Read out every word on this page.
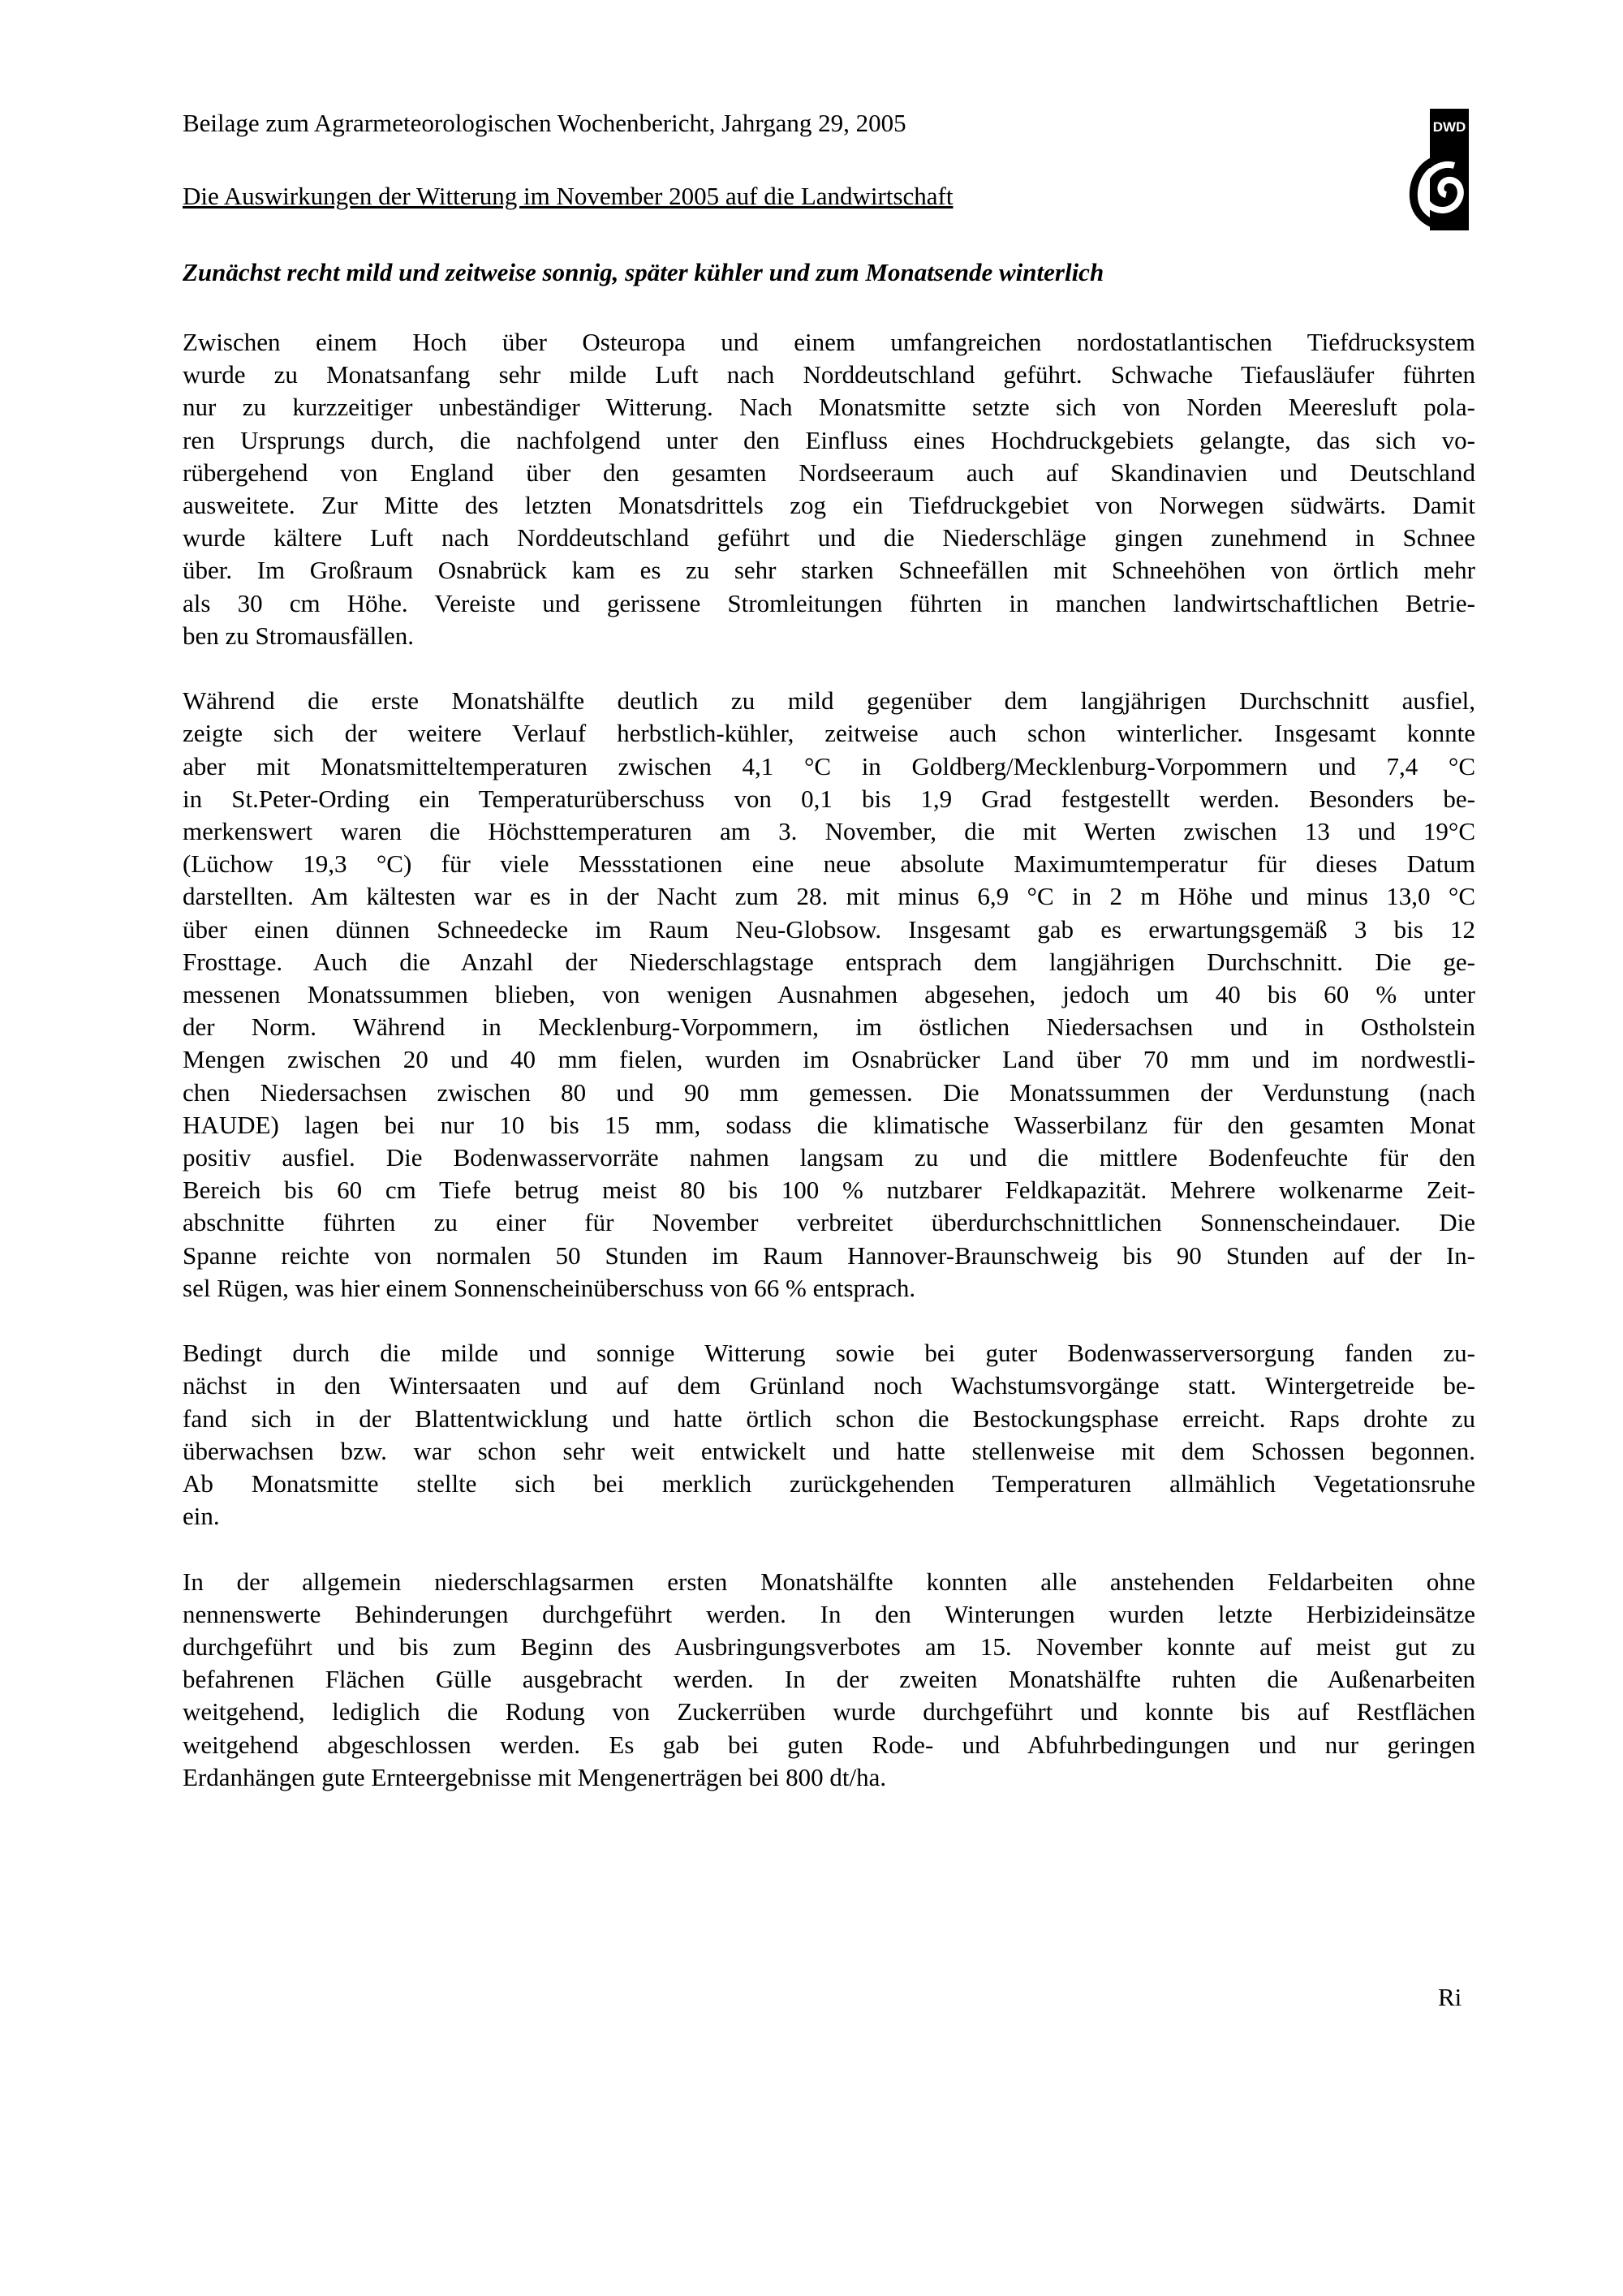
Beilage zum Agrarmeteorologischen Wochenbericht, Jahrgang 29, 2005
Die Auswirkungen der Witterung im November 2005 auf die Landwirtschaft
Zunächst recht mild und zeitweise sonnig, später kühler und zum Monatsende winterlich
DWD
Zwischen einem Hoch über Osteuropa und einem umfangreichen nordostatlantischen Tiefdrucksystem
wurde zu Monatsanfang sehr milde Luft nach Norddeutschland geführt. Schwache Tiefausläufer führten
nur zu kurzzeitiger unbeständiger Witterung. Nach Monatsmitte setzte sich von Norden Meeresluft pola-
ren Ursprungs durch, die nachfolgend unter den Einfluss eines Hochdruckgebiets gelangte, das sich vo-
rübergehend von England über den gesamten Nordseeraum auch auf Skandinavien und Deutschland
ausweitete. Zur Mitte des letzten Monatsdrittels zog ein Tiefdruckgebiet von Norwegen südwärts. Damit
wurde kältere Luft nach Norddeutschland geführt und die Niederschläge gingen zunehmend in Schnee
über. Im Großraum Osnabrück kam es zu sehr starken Schneefällen mit Schneehöhen von örtlich mehr
als 30 cm Höhe. Vereiste und gerissene Stromleitungen führten in manchen landwirtschaftlichen Betrie-
ben zu Stromausfällen.
Während die erste Monatshälfte deutlich zu mild gegenüber dem langjährigen Durchschnitt ausfiel,
zeigte sich der weitere Verlauf herbstlich-kühler, zeitweise auch schon winterlicher. Insgesamt konnte
aber mit Monatsmitteltemperaturen zwischen 4,1 °C in Goldberg/Mecklenburg-Vorpommern und 7,4 °C
in St.Peter-Ording ein Temperaturüberschuss von 0,1 bis 1,9 Grad festgestellt werden. Besonders be-
merkenswert waren die Höchsttemperaturen am 3. November, die mit Werten zwischen 13 und 19°C
(Lüchow 19,3 °C) für viele Messstationen eine neue absolute Maximumtemperatur für dieses Datum
darstellten. Am kältesten war es in der Nacht zum 28. mit minus 6,9 °C in 2 m Höhe und minus 13,0 °C
über einen dünnen Schneedecke im Raum Neu-Globsow. Insgesamt gab es erwartungsgemäß 3 bis 12
Frosttage. Auch die Anzahl der Niederschlagstage entsprach dem langjährigen Durchschnitt. Die ge-
messenen Monatssummen blieben, von wenigen Ausnahmen abgesehen, jedoch um 40 bis 60 % unter
der Norm. Während in Mecklenburg-Vorpommern, im östlichen Niedersachsen und in Ostholstein
Mengen zwischen 20 und 40 mm fielen, wurden im Osnabrücker Land über 70 mm und im nordwestli-
chen Niedersachsen zwischen 80 und 90 mm gemessen. Die Monatssummen der Verdunstung (nach
HAUDE) lagen bei nur 10 bis 15 mm, sodass die klimatische Wasserbilanz für den gesamten Monat
positiv ausfiel. Die Bodenwasservorräte nahmen langsam zu und die mittlere Bodenfeuchte für den
Bereich bis 60 cm Tiefe betrug meist 80 bis 100 % nutzbarer Feldkapazität. Mehrere wolkenarme Zeit-
abschnitte führten zu einer für November verbreitet überdurchschnittlichen Sonnenscheindauer. Die
Spanne reichte von normalen 50 Stunden im Raum Hannover-Braunschweig bis 90 Stunden auf der In-
sel Rügen, was hier einem Sonnenscheinüberschuss von 66 % entsprach.
Bedingt durch die milde und sonnige Witterung sowie bei guter Bodenwasserversorgung fanden zu-
nächst in den Wintersaaten und auf dem Grünland noch Wachstumsvorgänge statt. Wintergetreide be-
fand sich in der Blattentwicklung und hatte örtlich schon die Bestockungsphase erreicht. Raps drohte zu
überwachsen bzw. war schon sehr weit entwickelt und hatte stellenweise mit dem Schossen begonnen.
Ab Monatsmitte stellte sich bei merklich zurückgehenden Temperaturen allmählich Vegetationsruhe
ein.
In der allgemein niederschlagsarmen ersten Monatshälfte konnten alle anstehenden Feldarbeiten ohne
nennenswerte Behinderungen durchgeführt werden. In den Winterungen wurden letzte Herbizideinsätze
durchgeführt und bis zum Beginn des Ausbringungsverbotes am 15. November konnte auf meist gut zu
befahrenen Flächen Gülle ausgebracht werden. In der zweiten Monatshälfte ruhten die Außenarbeiten
weitgehend, lediglich die Rodung von Zuckerrüben wurde durchgeführt und konnte bis auf Restflächen
weitgehend abgeschlossen werden. Es gab bei guten Rode- und Abfuhrbedingungen und nur geringen
Erdanhängen gute Ernteergebnisse mit Mengenerträgen bei 800 dt/ha.
Ri
